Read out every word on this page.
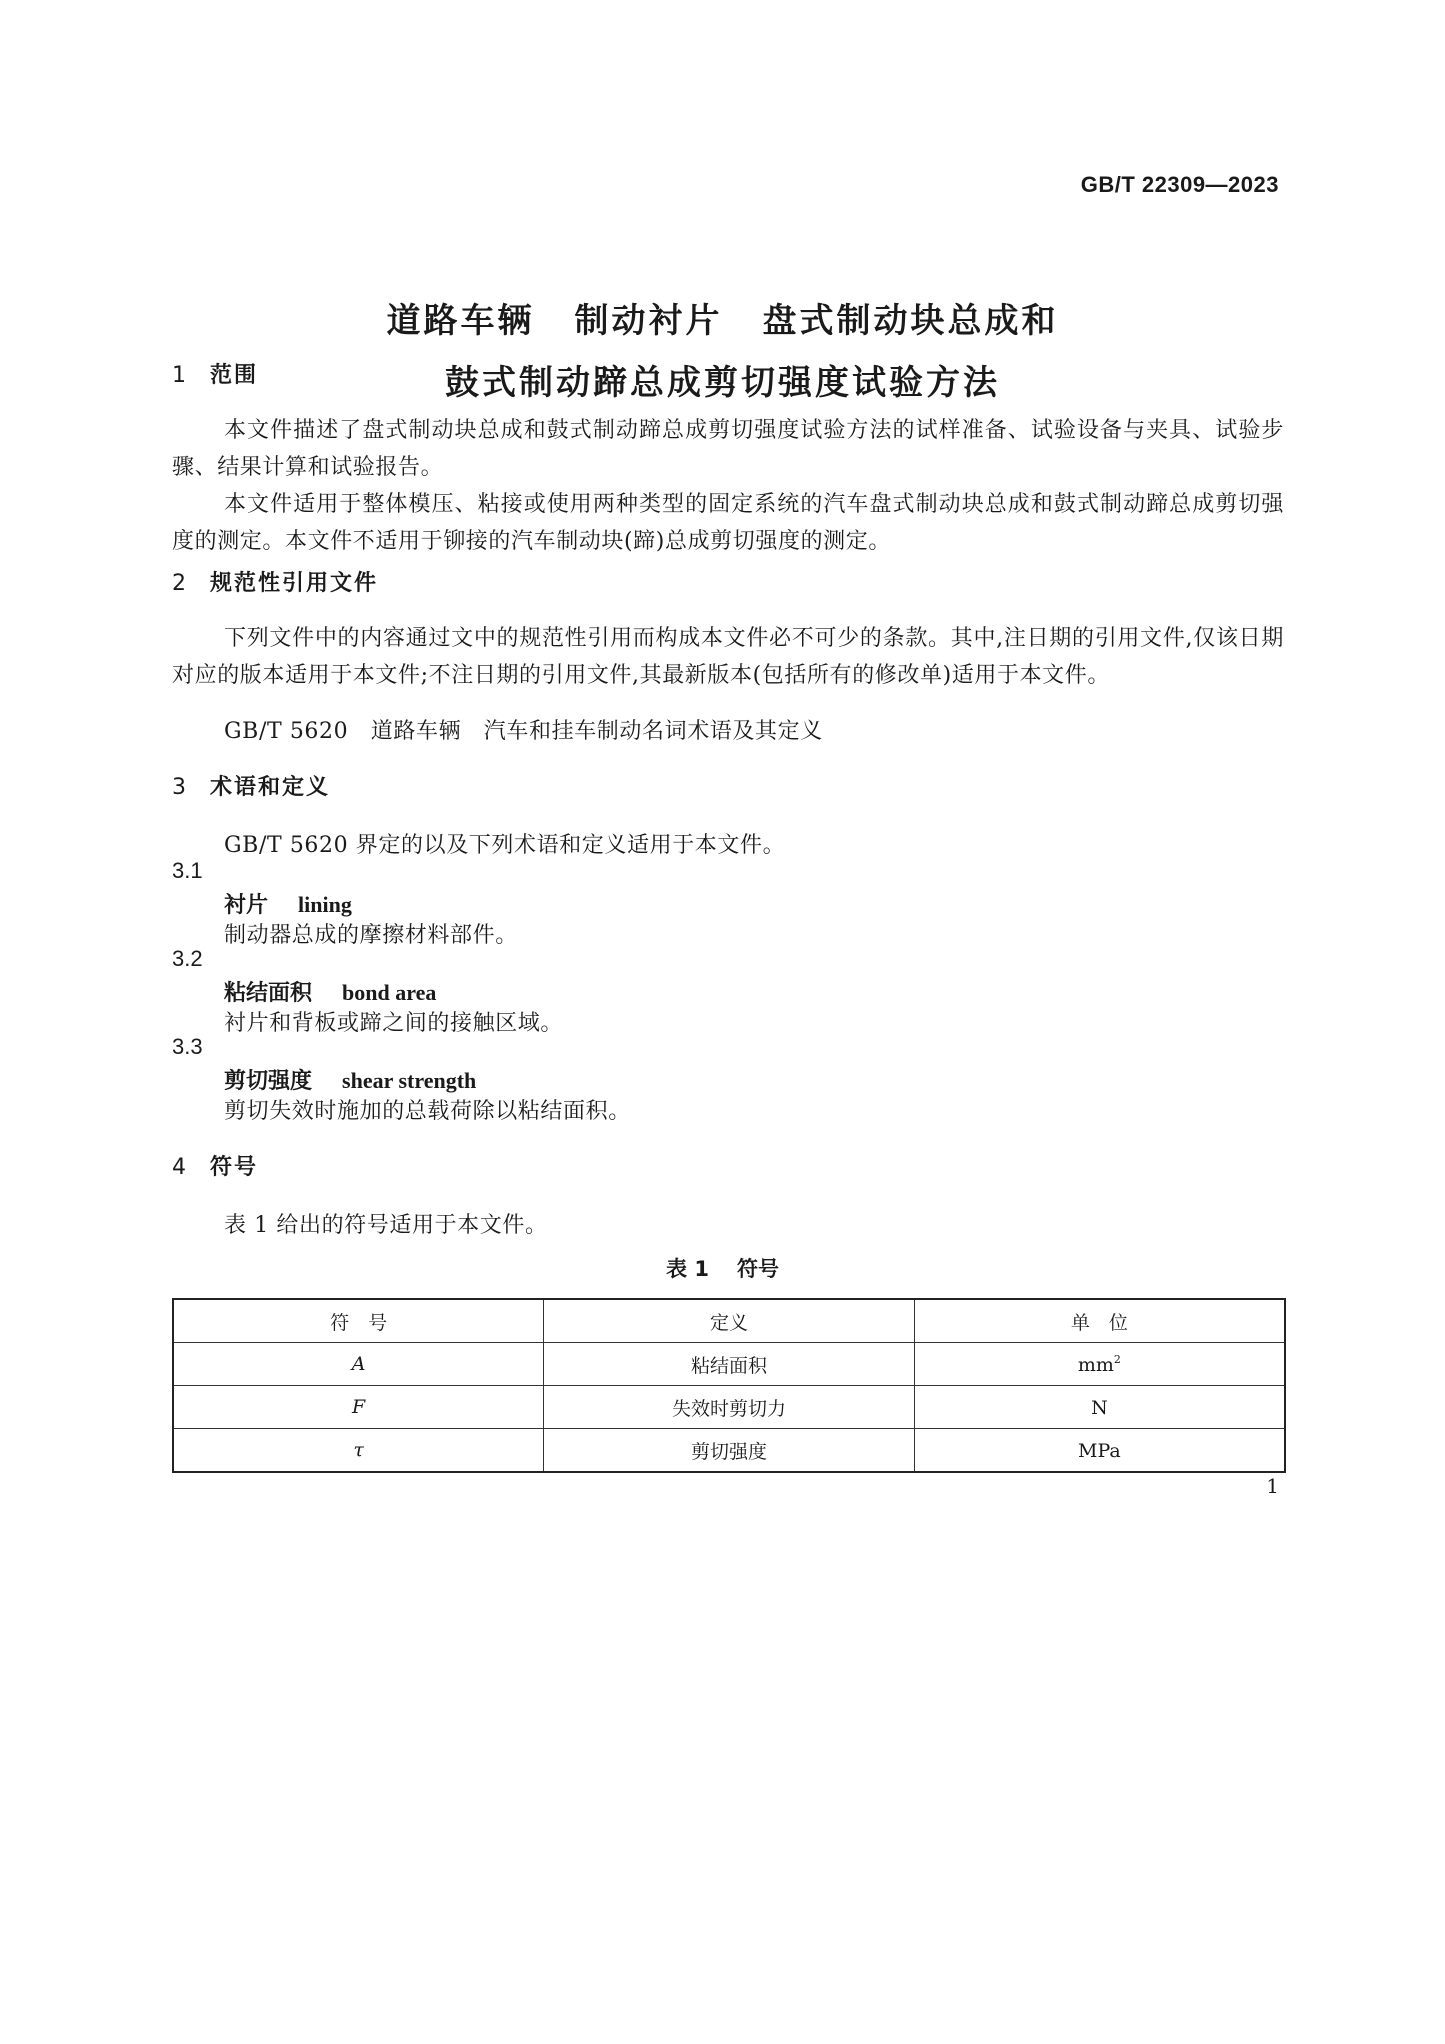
GB/T 22309—2023
道路车辆 制动衬片 盘式制动块总成和
鼓式制动蹄总成剪切强度试验方法
1 范围
本文件描述了盘式制动块总成和鼓式制动蹄总成剪切强度试验方法的试样准备、试验设备与夹具、试验步骤、结果计算和试验报告。
本文件适用于整体模压、粘接或使用两种类型的固定系统的汽车盘式制动块总成和鼓式制动蹄总成剪切强度的测定。本文件不适用于铆接的汽车制动块(蹄)总成剪切强度的测定。
2 规范性引用文件
下列文件中的内容通过文中的规范性引用而构成本文件必不可少的条款。其中,注日期的引用文件,仅该日期对应的版本适用于本文件;不注日期的引用文件,其最新版本(包括所有的修改单)适用于本文件。
GB/T 5620　道路车辆　汽车和挂车制动名词术语及其定义
3 术语和定义
GB/T 5620 界定的以及下列术语和定义适用于本文件。
3.1
衬片 lining
制动器总成的摩擦材料部件。
3.2
粘结面积 bond area
衬片和背板或蹄之间的接触区域。
3.3
剪切强度 shear strength
剪切失效时施加的总载荷除以粘结面积。
4 符号
表 1 给出的符号适用于本文件。
表 1 符号
符　号	定义	单　位
A	粘结面积	$mm^2$
F	失效时剪切力	N
τ	剪切强度	MPa
1
